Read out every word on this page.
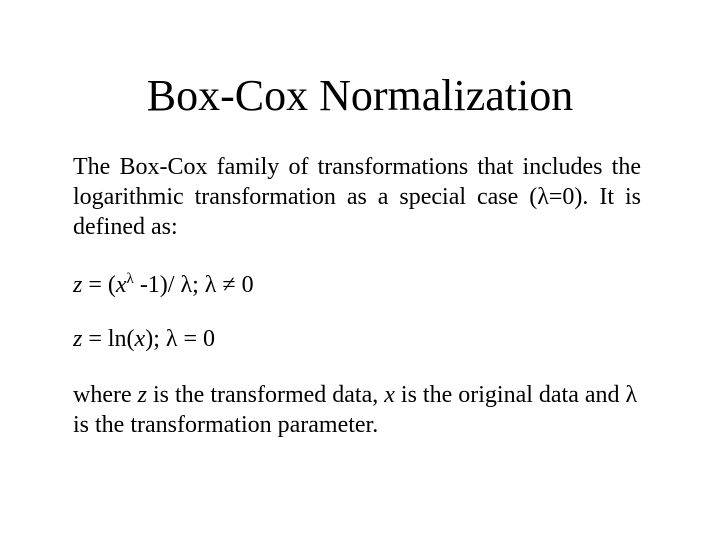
Box-Cox Normalization
The Box-Cox family of transformations that includes the logarithmic transformation as a special case (λ=0). It is defined as:
$z = (x^\lambda$ -1)/ λ; λ ≠ 0
z = ln(x); λ = 0
where z is the transformed data, x is the original data and λ is the transformation parameter.
